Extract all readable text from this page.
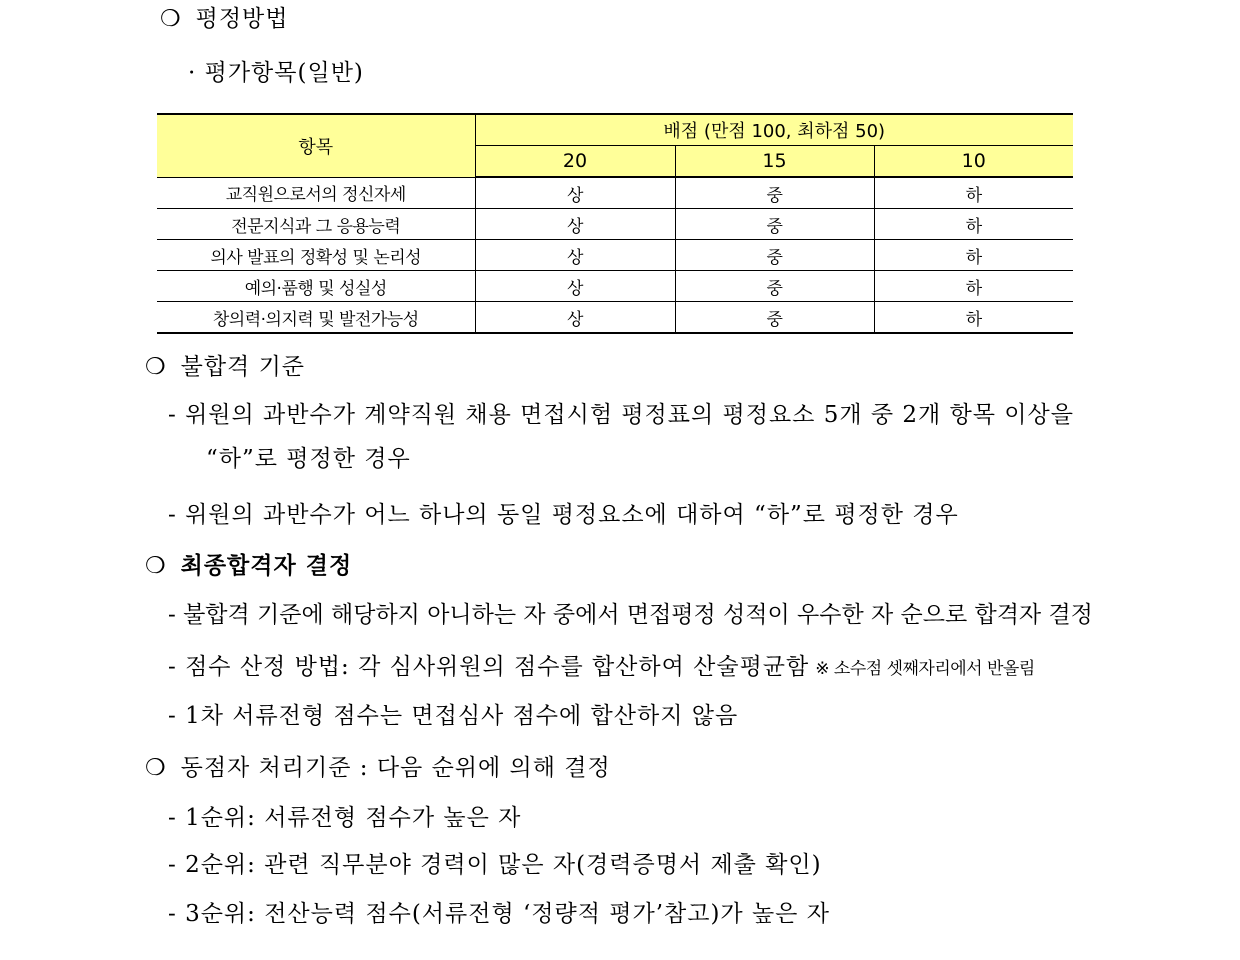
❍ 평정방법
· 평가항목(일반)
항목	배점 (만점 100, 최하점 50)		
	20	15	10
교직원으로서의 정신자세	상	중	하
전문지식과 그 응용능력	상	중	하
의사 발표의 정확성 및 논리성	상	중	하
예의·품행 및 성실성	상	중	하
창의력·의지력 및 발전가능성	상	중	하
❍ 불합격 기준
- 위원의 과반수가 계약직원 채용 면접시험 평정표의 평정요소 5개 중 2개 항목 이상을
“하”로 평정한 경우
- 위원의 과반수가 어느 하나의 동일 평정요소에 대하여 “하”로 평정한 경우
❍ 최종합격자 결정
- 불합격 기준에 해당하지 아니하는 자 중에서 면접평정 성적이 우수한 자 순으로 합격자 결정
- 점수 산정 방법: 각 심사위원의 점수를 합산하여 산술평균함 ※ 소수점 셋째자리에서 반올림
- 1차 서류전형 점수는 면접심사 점수에 합산하지 않음
❍ 동점자 처리기준 : 다음 순위에 의해 결정
- 1순위: 서류전형 점수가 높은 자
- 2순위: 관련 직무분야 경력이 많은 자(경력증명서 제출 확인)
- 3순위: 전산능력 점수(서류전형 ‘정량적 평가’참고)가 높은 자
